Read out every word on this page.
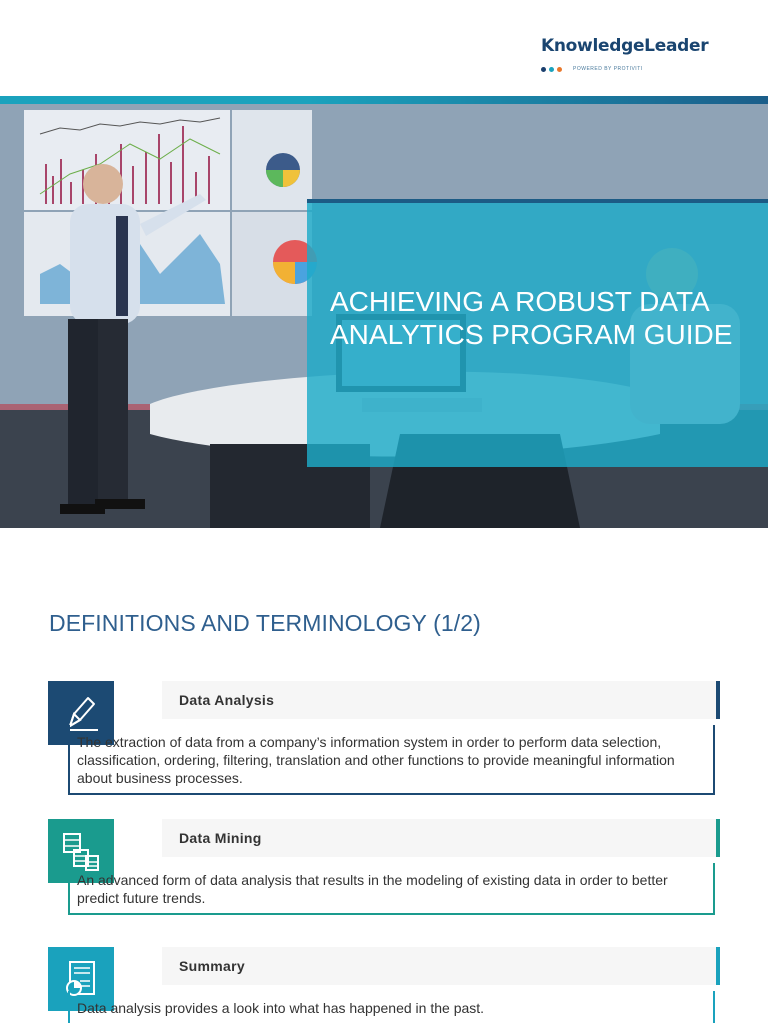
KnowledgeLeader
POWERED BY PROTIVITI
ACHIEVING A ROBUST DATA ANALYTICS PROGRAM GUIDE
DEFINITIONS AND TERMINOLOGY (1/2)
Data Analysis
The extraction of data from a company’s information system in order to perform data selection, classification, ordering, filtering, translation and other functions to provide meaningful information about business processes.
Data Mining
An advanced form of data analysis that results in the modeling of existing data in order to better predict future trends.
Summary
Data analysis provides a look into what has happened in the past.
